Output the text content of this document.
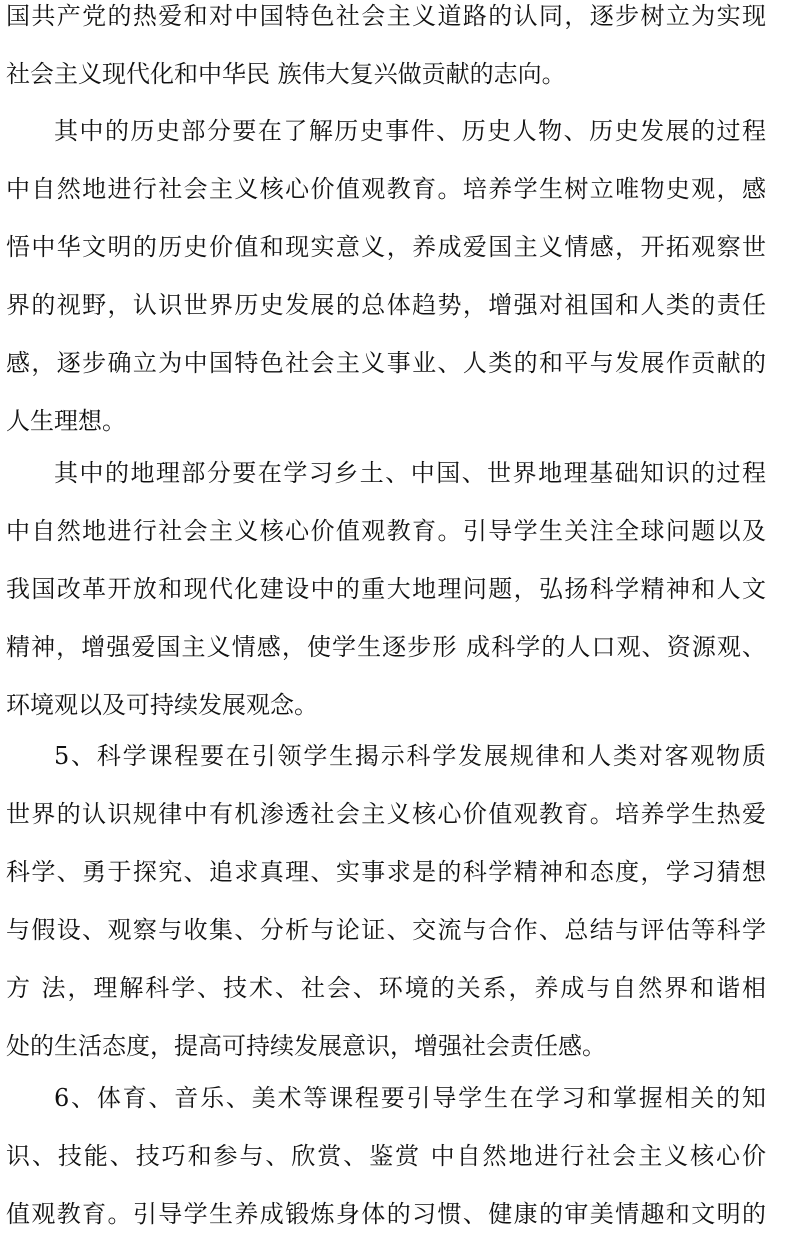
国共产党的热爱和对中国特色社会主义道路的认同，逐步树立为实现
社会主义现代化和中华民 族伟大复兴做贡献的志向。
其中的历史部分要在了解历史事件、历史人物、历史发展的过程
中自然地进行社会主义核心价值观教育。培养学生树立唯物史观，感
悟中华文明的历史价值和现实意义，养成爱国主义情感，开拓观察世
界的视野，认识世界历史发展的总体趋势，增强对祖国和人类的责任
感，逐步确立为中国特色社会主义事业、人类的和平与发展作贡献的
人生理想。
其中的地理部分要在学习乡土、中国、世界地理基础知识的过程
中自然地进行社会主义核心价值观教育。引导学生关注全球问题以及
我国改革开放和现代化建设中的重大地理问题，弘扬科学精神和人文
精神，增强爱国主义情感，使学生逐步形 成科学的人口观、资源观、
环境观以及可持续发展观念。
5、科学课程要在引领学生揭示科学发展规律和人类对客观物质
世界的认识规律中有机渗透社会主义核心价值观教育。培养学生热爱
科学、勇于探究、追求真理、实事求是的科学精神和态度，学习猜想
与假设、观察与收集、分析与论证、交流与合作、总结与评估等科学
方 法，理解科学、技术、社会、环境的关系，养成与自然界和谐相
处的生活态度，提高可持续发展意识，增强社会责任感。
6、体育、音乐、美术等课程要引导学生在学习和掌握相关的知
识、技能、技巧和参与、欣赏、鉴赏 中自然地进行社会主义核心价
值观教育。引导学生养成锻炼身体的习惯、健康的审美情趣和文明的
